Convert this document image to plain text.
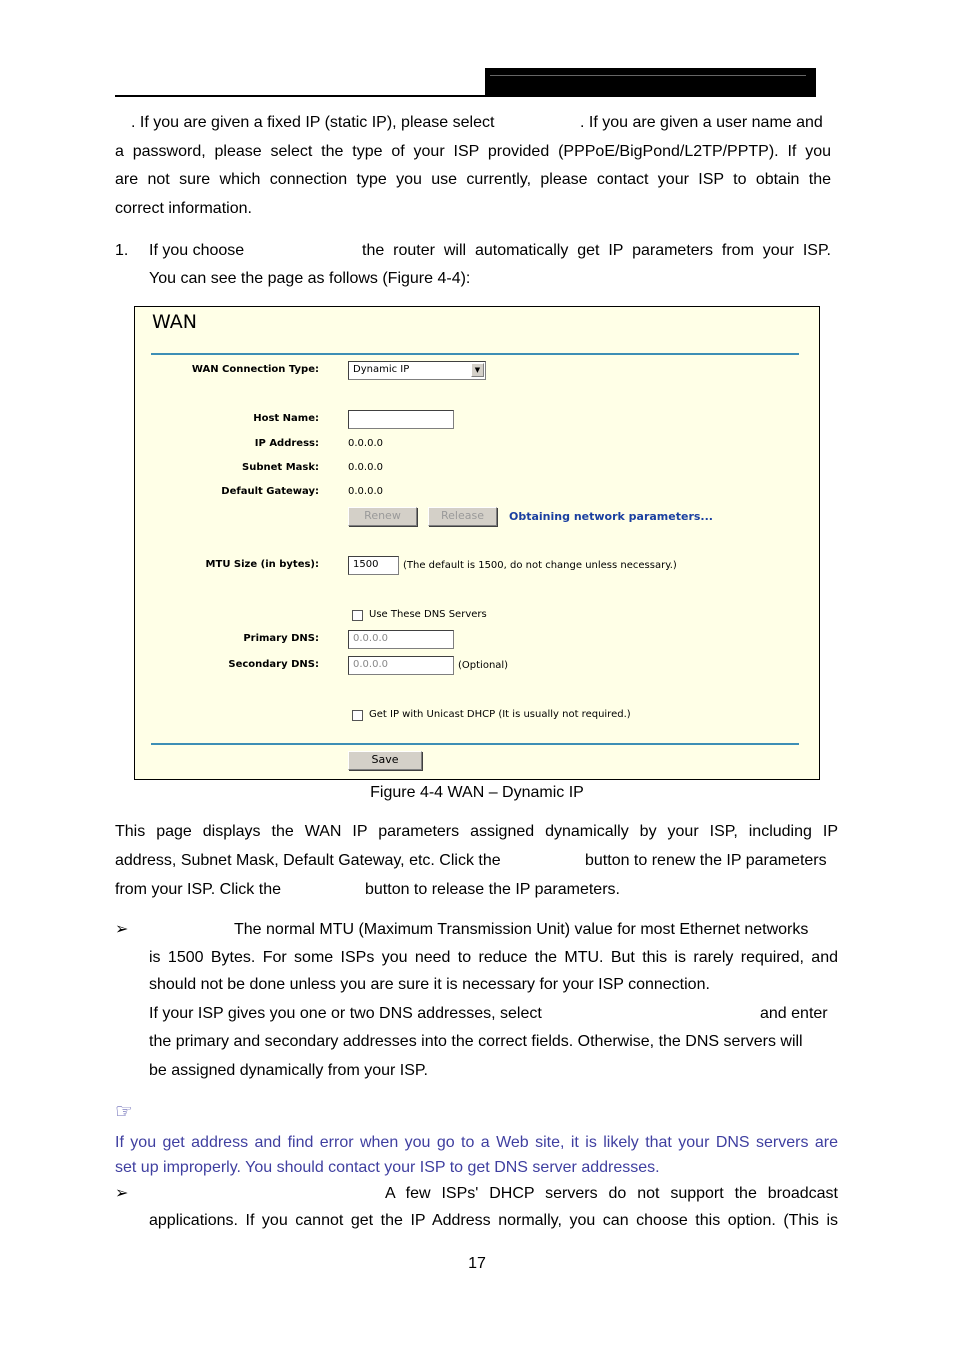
. If you are given a fixed IP (static IP), please select	. If you are given a user name and
a password, please select the type of your ISP provided (PPPoE/BigPond/L2TP/PPTP). If you
are not sure which connection type you use currently, please contact your ISP to obtain the
correct information.
1. If you choose	the router will automatically get IP parameters from your ISP.
You can see the page as follows (Figure 4-4):
WAN
WAN Connection Type:	Dynamic IP	▼
Host Name:
IP Address:	0.0.0.0
Subnet Mask:	0.0.0.0
Default Gateway:	0.0.0.0
Renew	Release	Obtaining network parameters...
MTU Size (in bytes):	1500	(The default is 1500, do not change unless necessary.)
Use These DNS Servers
Primary DNS:	0.0.0.0
Secondary DNS:	0.0.0.0	(Optional)
Get IP with Unicast DHCP (It is usually not required.)
Save
Figure 4-4 WAN – Dynamic IP
This page displays the WAN IP parameters assigned dynamically by your ISP, including IP
address, Subnet Mask, Default Gateway, etc. Click the	button to renew the IP parameters
from your ISP. Click the	button to release the IP parameters.
➢	The normal MTU (Maximum Transmission Unit) value for most Ethernet networks
is 1500 Bytes. For some ISPs you need to reduce the MTU. But this is rarely required, and
should not be done unless you are sure it is necessary for your ISP connection.
If your ISP gives you one or two DNS addresses, select	and enter
the primary and secondary addresses into the correct fields. Otherwise, the DNS servers will
be assigned dynamically from your ISP.
☞
If you get address and find error when you go to a Web site, it is likely that your DNS servers are
set up improperly. You should contact your ISP to get DNS server addresses.
➢	A few ISPs' DHCP servers do not support the broadcast
applications. If you cannot get the IP Address normally, you can choose this option. (This is
17
